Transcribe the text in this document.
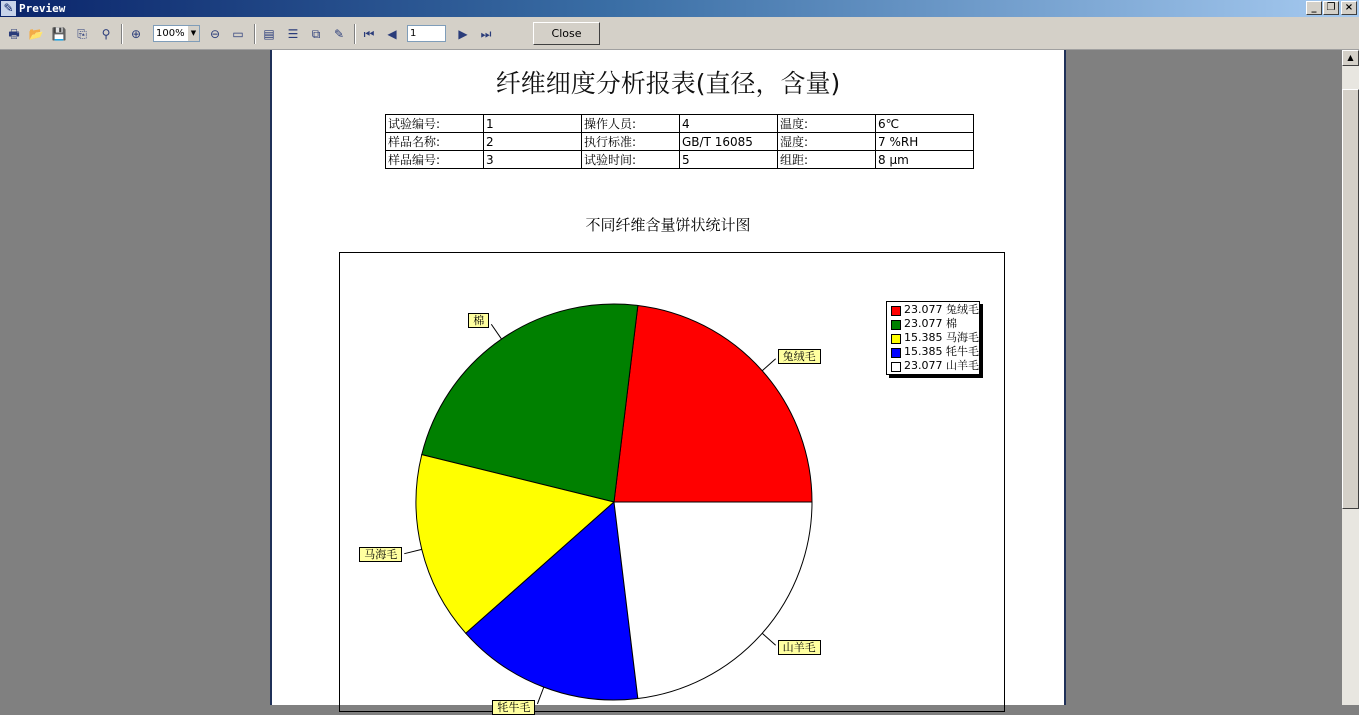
✎ Preview	_	❐ ×
🖶 📂 💾 ⎘	⚲	⊕	100% ▼	⊖	▭ ▤	☰	⧉	✎	⏮	◀	1	▶	⏭	Close
纤维细度分析报表(直径，含量)
试验编号:	1	操作人员:	4	温度:	6℃
样品名称:	2	执行标准:	GB/T 16085	湿度:	7 %RH
样品编号:	3	试验时间:	5	组距:	8 μm
不同纤维含量饼状统计图
23.077 兔绒毛
23.077 棉
15.385 马海毛
15.385 牦牛毛
23.077 山羊毛
兔绒毛
棉
马海毛
牦牛毛
山羊毛
▲
